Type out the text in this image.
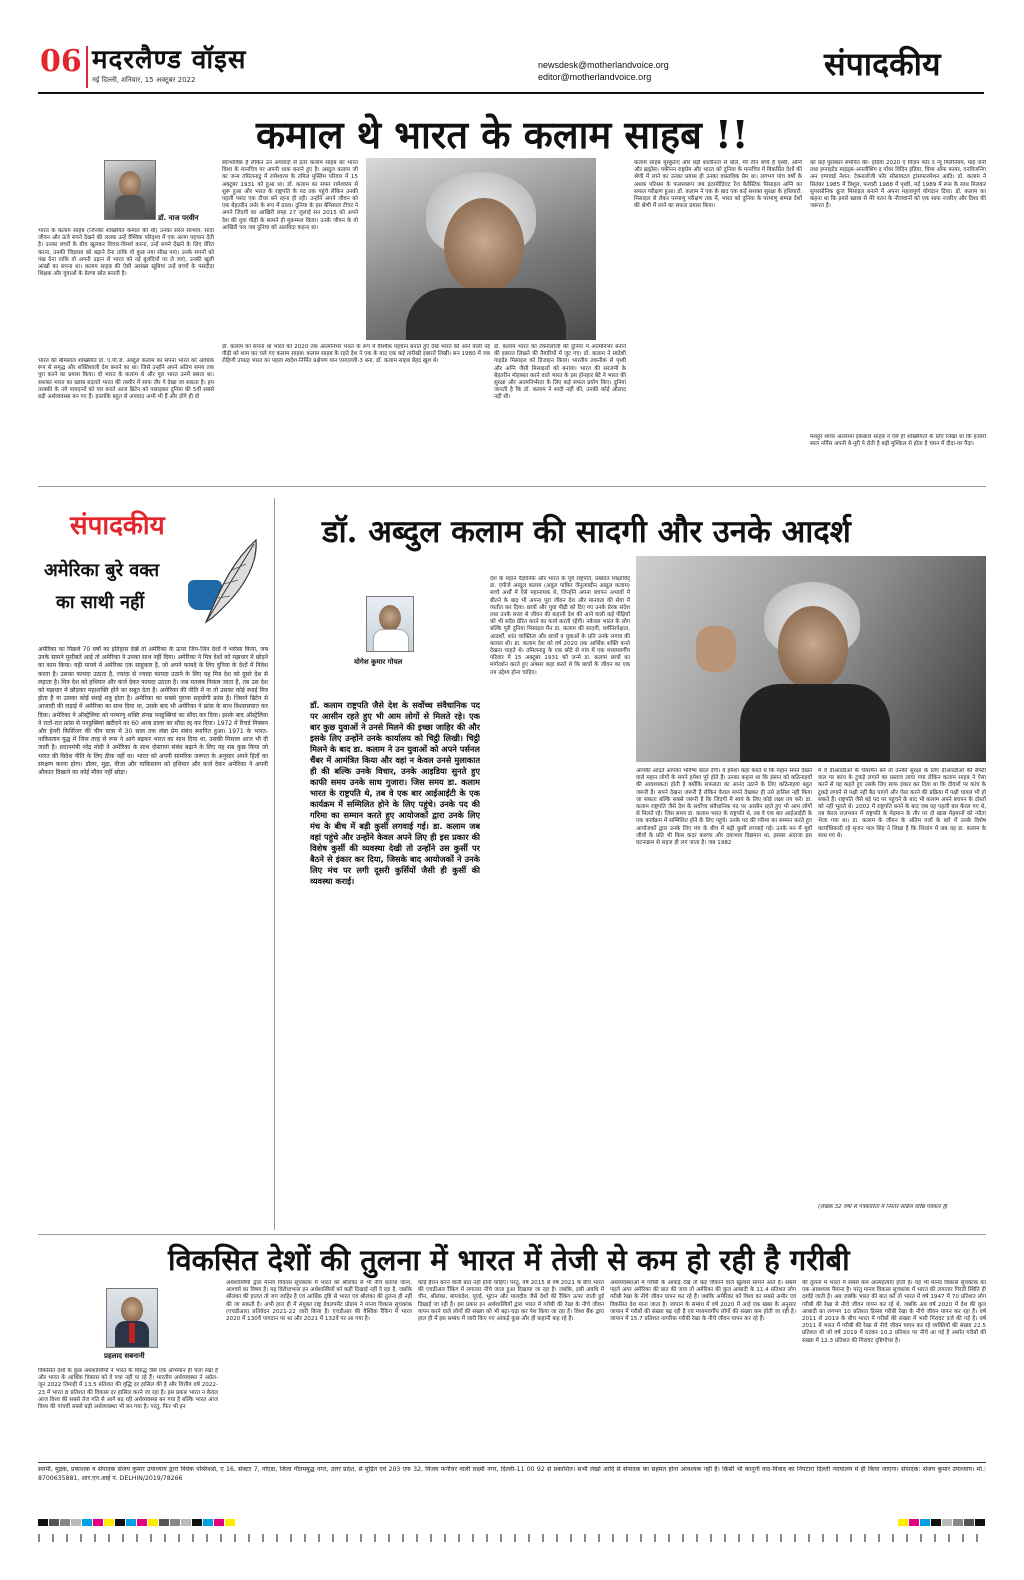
06 मदरलैण्ड वॉइस
नई दिल्ली, शनिवार, 15 अक्टूबर 2022
newsdesk@motherlandvoice.org
editor@motherlandvoice.org	संपादकीय
कमाल थे भारत के कलाम साहब !!
डॉ. नाज परवीन
भारत के कलाम साहब (जिनकी शख्सियत कमाल की थी) उनका सरल स्वभाव, सादा जीवन और ऊंचे सपने देखने की ललक उन्हें वैश्विक परिदृश्य में एक अलग पहचान देती है। उनका बच्चों के बीच खुलकर विचार-विमर्श करना, उन्हें सपने देखने के लिए प्रेरित करना, उनकी जिज्ञासा को बढ़ाने देना ताकि वो कुछ नया सीख पाएं। उनके सपनों को पंख देना ताकि वो अपनी उड़ान से भारत को नई बुलंदियों पर ले जाएं, उनकी खुली आंखों का सपना था। कलाम साहब की ऐसी असंख्य खूबियां उन्हें बच्चों के पसंदीदा शिक्षक और युवाओं के प्रेरणा स्रोत बनाती है।
भारत की बेमिसाल शख्सियत डॉ. ए.पी.जे. अब्दुल कलाम का सपना भारत को आर्थिक रूप से समृद्ध और शक्तिशाली देश बनाने का था। जिसे उन्होंने अपने अंतिम समय तक पूरा करने का प्रयास किया। वो भारत के कलाम थे और पूरा भारत उनमें बसता था। सशक्त भारत का ख्वाब बदलते भारत की तस्वीर में साफ तौर पे देखा जा सकता है। हम तरक्की के नये पायदानों को पार करते आज ब्रिटेन को पछाड़कर दुनिया की 5वीं सबसे बड़ी अर्थव्यवस्था बन गए हैं। हालांकि बहुत से अपवाद अभी भी हैं और होंगे ही वो
स्वाभाविक है लेकिन उन अपवादों से इतर कलाम साहब का भारत विश्व के मानचित्र पर अपनी धाक बनाने हुए है। अब्दुल कलाम जी का जन्म तमिलनाडु में रामेश्वरम के तमिल मुस्लिम परिवार में 15 अक्टूबर 1931 को हुआ था। डॉ. कलाम का सफर रामेश्वरम से शुरू हुआ और भारत के राष्ट्रपति के पद तक पहुंचे लेकिन उनकी पहली पसंद एक टीचर बने रहना ही रही। उन्होंने अपने जीवन को एक बेहतरीन लर्नर के रूप में ढाला। दुनिया के इस बेमिसाल टीचर ने अपने जिंदगी का आखिरी लम्हा 27 जुलाई सन 2015 को अपने देश की युवा पीढ़ी के सामने ही मुकम्मल किया। उनके जीवन के वो आखिरी पल जब दुनिया को अलविदा कहना था।
डॉ. कलाम का सपना था भारत को 2020 तक आत्मनिर्भर भारत के रूप में वैश्विक पहचान बनाते हुए देखें भारत की आने वाली नई पीढ़ी को शाम कर चले गए कलाम साहब। कलाम साहब के रहते देश ने एक के बाद एक कई तारीखी इबारतें लिखीं। सन 1980 में जब रोहिणी उपग्रह भारत का पहला स्वदेश-निर्मित प्रक्षेपण यान एसएलवी-3 बना, डॉ. कलाम साहब बेहद खुश थे।
डॉ. कलाम भारत को टेक्नोलॉजी की दुनिया में आत्मनिर्भर बनाने की इबारत लिखने की तैयारियों में जुट गए। डॉ. कलाम ने स्वदेशी गाइडेड मिसाइल को डिजाइन किया। भारतीय तकनीक से पृथ्वी और अग्नि जैसी मिसाइलों को बनाया। भारत की सरजमीं के बेहतरीन मोहब्बत करने वाले भारत के इस होनहार बेटे ने भारत की सुरक्षा और आत्मनिर्भरता के लिए कई सफल प्रयोग किए। दुनिया जानती है कि डॉ. कलाम ने शादी नहीं की, उनकी कोई औलाद नहीं थी।
कलाम साहब मुस्कुराए और बड़ी शालीनता से बोले, मेरे तीन बच्चे हैं पृथ्वी, अग्नि और ब्रह्मोस। यकीनन राष्ट्रप्रेम और भारत को दुनिया के मानचित्र में विकसित देशों की श्रेणी में लाने का उनका प्रयास ही उनका वास्तविक प्रेम था। लगभग पांच वर्षों के अथक परिश्रम के फलस्वरूप जब इंटरमीडिएट रेंज बैलेस्टिक मिसाइल अग्नि का सफल परीक्षण हुआ। डॉ. कलाम ने एक के बाद एक कई सशक्त सुरक्षा के हथियारों, मिसाइल से लेकर परमाणु परीक्षण तक में, भारत को दुनिया के परमाणु सम्पन्न देशों की श्रेणी में लाने का सफल प्रयास किया।
को कई पुरस्कार समर्पित की- इंडिया 2020 ए विज़न फॉर द न्यू मिलेनियम, माई जर्नी तथा इग्नाइटेड माइंड्स-अनलीशिंग द पॉवर विदिन इंडिया, विंग्स ऑफ फायर, एनविजनिंग अन एम्पावर्ड नेशन: टेक्नालॉजी फॉर सोसायटल ट्रांसफारमेशन आदि। डॉ. कलाम ने सितंबर 1985 में त्रिशूल, फरवरी 1988 में पृथ्वी, मई 1989 में रूस के साथ मिलकर सुपरसोनिक क्रूज मिसाइल बनाने में अपना महत्वपूर्ण योगदान दिया। डॉ. कलाम का कहना था कि इमारे ख्वाब से मेरे वतन के नौजवानों को एक साफ नजरिए और दिशा की जरूरत है।
मशहूर शायर अल्लामा इकबाल साहब ने ऐसे ही शख्सियतों के लिए लिखा था कि हजारों साल नर्गिस अपनी बे-नूरी पे रोती है बड़ी मुश्किल से होता है चमन में दीदा-वर पैदा।
संपादकीय
अमेरिका बुरे वक्त
का साथी नहीं
अमेरिका का पिछले 70 वर्षों का इतिहास देखें तो अमेरिका के ऊपर जिन-जिन देशों ने भरोसा किया, जब उनके सामने मुसीबतें आई तो अमेरिका ने उनका साथ नहीं दिया। अमेरिका ने मित्र देशों को मझधार में छोड़ने का काम किया। यही मायने में अमेरिका एक साहूकार है, जो अपने फायदे के लिए दुनिया के देशों में निवेश करता है। उसका फायदा उठाता है, ज्यादा से ज्यादा फायदा उठाने के लिए यह मित्र देश को दूसरे देश से लड़ाता है। मित्र देश को हथियार और कर्ज देकर फायदा उठाता है। जब मतलब निकल जाता है, तब उस देश को मझधार में छोड़कर महाशक्ति होने का सबूत देता है। अमेरिका की नीति में ना तो उसका कोई स्थाई मित्र होता है ना उसका कोई स्थाई शत्रु होता है। अमेरिका का सबसे पुराना सहयोगी फ्रांस है। जिसने ब्रिटेन से आजादी की लड़ाई में अमेरिका का साथ दिया था, उसके बाद भी अमेरिका ने फ्रांस के साथ विश्वासघात कर दिया। अमेरिका ने ऑस्ट्रेलिया को परमाणु शक्ति संपन्न पनडुब्बियां का सौदा कर दिया। इसके बाद ऑस्ट्रेलिया ने रातों-रात फ्रांस से पनडुब्बियां खरीदने का 60 अरब डालर का सौदा रद्द कर दिया। 1972 में रिचर्ड निक्सन और हेनरी किसिंजर की चीन यात्रा में 30 साल तक लंबा प्रेम संबंध स्थापित हुआ। 1971 के भारत-पाकिस्तान युद्ध में जिस तरह से रूस ने आगे बढ़कर भारत का साथ दिया था, उसकी मिसाल आज भी दी जाती है। प्रधानमंत्री नरेंद्र मोदी ने अमेरिका के साथ दोस्ताना संबंध बढ़ाने के लिए यह सब कुछ किया जो भारत की विदेश नीति के लिए ठीक नहीं था। भारत को अपनी सामरिक जरूरत के अनुसार अपने हितों का संरक्षण करना होगा। डॉलर, मुद्रा, वीजा और पाकिस्तान को हथियार और कर्ज देकर अमेरिका ने अपनी औकात दिखाने का कोई मौका नहीं छोड़ा।
डॉ. अब्दुल कलाम की सादगी और उनके आदर्श
योगेश कुमार गोयल
डॉ. कलाम राष्ट्रपति जैसे देश के सर्वोच्च संवैधानिक पद पर आसीन रहते हुए भी आम लोगों से मिलते रहे। एक बार कुछ युवाओं ने उनसे मिलने की इच्छा जाहिर की और इसके लिए उन्होंने उनके कार्यालय को चिट्ठी लिखी। चिट्ठी मिलने के बाद डा. कलाम ने उन युवाओं को अपने पर्सनल चैंबर में आमंत्रित किया और वहां न केवल उनसे मुलाकात ही की बल्कि उनके विचार, उनके आइडिया सुनते हुए काफी समय उनके साथ गुजारा। जिस समय डा. कलाम भारत के राष्ट्रपति थे, तब वे एक बार आईआईटी के एक कार्यक्रम में सम्मिलित होने के लिए पहुंचे। उनके पद की गरिमा का सम्मान करते हुए आयोजकों द्वारा उनके लिए मंच के बीच में बड़ी कुर्सी लगवाई गई। डा. कलाम जब वहां पहुंचे और उन्होंने केवल अपने लिए ही इस प्रकार की विशेष कुर्सी की व्यवस्था देखी तो उन्होंने उस कुर्सी पर बैठने से इंकार कर दिया, जिसके बाद आयोजकों ने उनके लिए मंच पर लगी दूसरी कुर्सियों जैसी ही कुर्सी की व्यवस्था कराई।
देश के महान वैज्ञानिक और भारत के पूर्व राष्ट्रपति, प्रख्यात शिक्षाविद् डा. एपीजे अब्दुल कलाम (अवुल पाकिर जैनुलाब्दीन अब्दुल कलाम) सच्चे अर्थों में ऐसे महानायक थे, जिन्होंने अपना बचपन अभावों में बीतने के बाद भी अपना पूरा जीवन देश और मानवता की सेवा में व्यतीत कर दिया। छात्रों और युवा पीढ़ी को दिए गए उनके प्रेरक संदेश तथा उनके सरल से जीवन की कहानी देश की आने वाली कई पीढ़ियों को भी सदैव प्रेरित करने का कार्य करती रहेगी। नकेवल भारत के लोग बल्कि पूरी दुनिया मिसाइल मैन डा. कलाम की सादगी, धर्मनिरपेक्षता, आदर्शों, शांत व्यक्तित्व और छात्रों व युवाओं के प्रति उनके लगाव की कायल थी। डा. कलाम देश को वर्ष 2020 तक आर्थिक शक्ति बनते देखना चाहते थे। तमिलनाडु के एक छोटे से गांव में एक मध्यमवर्गीय परिवार में 15 अक्टूबर 1931 को जन्मे डा. कलाम छात्रों का मार्गदर्शन करते हुए अक्सर कहा करते थे कि छात्रों के जीवन का एक तय उद्देश्य होना चाहिए।
आपकी आदतें आपका भविष्य बदल देंगी। वे हमेशा कहा करते थे कि महान सपने देखने वाले महान लोगों के सपने हमेशा पूरे होते हैं। उनका कहना था कि इंसान को कठिनाइयों की आवश्यकता होती है क्योंकि सफलता का आनंद उठाने के लिए कठिनाइयां बहुत जरूरी हैं। सपने देखना जरूरी है लेकिन केवल सपने देखकर ही उसे हासिल नहीं किया जा सकता बल्कि सबसे जरूरी है कि जिंदगी में स्वयं के लिए कोई लक्ष्य तय करें। डा. कलाम राष्ट्रपति जैसे देश के सर्वोच्च संवैधानिक पद पर आसीन रहते हुए भी आम लोगों से मिलते रहे। जिस समय डा. कलाम भारत के राष्ट्रपति थे, तब वे एक बार आईआईटी के एक कार्यक्रम में सम्मिलित होने के लिए पहुंचे। उनके पद की गरिमा का सम्मान करते हुए आयोजकों द्वारा उनके लिए मंच के बीच में बड़ी कुर्सी लगवाई गई। उनके मन में युवों जीवों के प्रति भी किस कदर करुणा और दयाभाव विद्यमान था, इसका अंदाजा इस घटनाक्रम से सहज ही लग जाता है। जब 1982
में वे डीआरडीओ के चेयरमैन बने तो उनकी सुरक्षा के लिए डीआरडीओ की सेफ्टी वाल पर कांच के टुकड़े लगाने का प्रस्ताव लाया गया लेकिन कलाम साहब ने ऐसा करने से यह कहते हुए उसके लिए साफ इंकार कर दिया था कि दीवारों पर कांच के टुकड़े लगाने से पक्षी नहीं बैठ पाएंगे और ऐसा करने की प्रक्रिया में पक्षी घायल भी हो सकते हैं। राष्ट्रपति जैसे बड़े पद पर पहुंचने के बाद भी कलाम अपने बचपन के दोस्तों को नहीं भूलते थे। 2002 में राष्ट्रपति बनने के बाद जब वह पहली बार केरल गए थे, तब केरल राजभवन में राष्ट्रपति के मेहमान के तौर पर दो खास मेहमानों को न्यौता भेजा गया था। डा. कलाम के जीवन के अंतिम पलों के बारे में उनके विशेष कार्याधिकारी रहे सृजन पाल सिंह ने लिखा है कि शिलांग में जब वह डा. कलाम के साथ गए थे।
(लेखक 32 वर्षों से पत्रकारिता में निरंतर सक्रिय वरिष्ठ पत्रकार हैं)
विकसित देशों की तुलना में भारत में तेजी से कम हो रही है गरीबी
प्रहलाद सबनानी
विकसित देशों के कुछ अर्थशास्त्रियों ने भारत के विरुद्ध जैसे एक अभियान ही चला रखा है और भारत के आर्थिक विकास को वे पचा नहीं पा रहे हैं। भारतीय अर्थव्यवस्था ने अप्रेल-जून 2022 तिमाही में 13.5 प्रतिशत की वृद्धि दर हासिल की है और वित्तीय वर्ष 2022-23 में भारत 8 प्रतिशत की विकास दर हासिल करने जा रहा है। इस प्रकार भारत न केवल आज विश्व की सबसे तेज गति से आगे बढ़ रही अर्थव्यवस्था बन गया है बल्कि भारत आज विश्व की पांचवीं सबसे बड़ी अर्थव्यवस्था भी बन गया है। परंतु, फिर भी इन
अर्थशास्त्रियों द्वारा मानव विकास सूचकांक में भारत को श्रीलंका से भी नीचे बताया जाना, आश्चर्य का विषय है। यह विरोधाभास इन अर्थशास्त्रियों को कहीं दिखाई नहीं दे रहा है, जबकि श्रीलंका की हालत तो जग जाहिर है एवं आर्थिक दृष्टि से भारत एवं श्रीलंका की तुलना ही नहीं की जा सकती है। अभी हाल ही में संयुक्त राष्ट्र डेवलपमेंट प्रोग्राम ने मानव विकास सूचकांक (एचडीआर) प्रतिवेदन 2021-22 जारी किया है। एचडीआर की वैश्विक रैंकिंग में भारत 2020 में 130वें पायदान पर था और 2021 में 132वें पर आ गया है।
कोई हैरान करने वाली बात नहीं होनी चाहिए। परंतु, वर्ष 2015 से वर्ष 2021 के बीच भारत की एचडीआर रैंकिंग में लगातार नीचे जाता हुआ दिखाया जा रहा है। जबकि, इसी अवधि में चीन, श्रीलंका, बांग्लादेश, यूएई, भूटान और मालदीव जैसे देशों की रैंकिंग ऊपर जाती हुई दिखाई जा रही है। इस प्रकार इन अर्थशास्त्रियों द्वारा भारत में गरीबी की रेखा के नीचे जीवन यापन करने वाले लोगों की संख्या को भी बढ़ा-चढ़ा कर पेश किया जा रहा है। विश्व बैंक द्वारा हाल ही में इस सम्बंध में जारी किए गए आंकड़े कुछ और ही कहानी कह रहे हैं।
अर्थव्यवस्थाओं में गरीबी के आंकड़े देखें तो कई चौकाने वाले खुलासे सामने आते हैं। सबसे पहले अगर अमेरिका की बात की जाय तो अमेरिका की कुल आबादी के 11.4 प्रतिशत लोग गरीबी रेखा के नीचे जीवन यापन कर रहे हैं। जबकि अमेरिका को विश्व का सबसे अमीर एवं विकसित देश माना जाता है। जापान के सम्बंध में वर्ष 2020 में आई एक खबर के अनुसार जापान में गरीबों की संख्या बढ़ रही है एवं मध्यमवर्गीय लोगों की संख्या कम होती जा रही है। जापान में 15.7 प्रतिशत नागरिक गरीबी रेखा के नीचे जीवन यापन कर रहे हैं।
की तुलना में भारत में सबसे कम आत्महत्याएं होती हैं। यह भी मानव विकास सूचकांक का एक आवश्यक पैमाना है। परंतु मानव विकास सूचकांक में भारत की लगातार गिरती स्थिति ही दर्शाई जाती है। अब जबकि भारत की बात करें तो भारत में वर्ष 1947 में 70 प्रतिशत लोग गरीबी की रेखा से नीचे जीवन यापन कर रहे थे, जबकि अब वर्ष 2020 में देश की कुल आबादी का लगभग 10 प्रतिशत हिस्सा गरीबी रेखा के नीचे जीवन यापन कर रहा है। वर्ष 2011 से 2019 के बीच भारत में गरीबों की संख्या में भारी गिरावट दर्ज की गई है। वर्ष 2011 में भारत में गरीबी की रेखा से नीचे जीवन यापन कर रहे व्यक्तियों की संख्या 22.5 प्रतिशत थी जो वर्ष 2019 में घटकर 10.2 प्रतिशत पर नीचे आ गई है अर्थात गरीबों की संख्या में 12.3 प्रतिशत की गिरावट दृष्टिगोचर है।
स्वामी, मुद्रक, प्रकाशक व संपादक संजय कुमार उपाध्याय द्वारा विवेक पब्लिशर्स, ए 16, सेक्टर 7, नोएडा, जिला गौतमबुद्ध नगर, उत्तर प्रदेश, से मुद्रित एवं 203 एफ 32, विजय फर्नीचर वाली लक्ष्मी नगर, दिल्ली-11 00 92 से प्रकाशित। सभी लेखों आदि से संपादक का सहमत होना आवश्यक नहीं है। किसी भी कानूनी वाद-विवाद का निपटारा दिल्ली न्यायालय में ही किया जाएगा। संपादक: संजय कुमार उपाध्याय। मो.: 8700635881, आर.एन.आई नं. DELHIN/2019/78266
